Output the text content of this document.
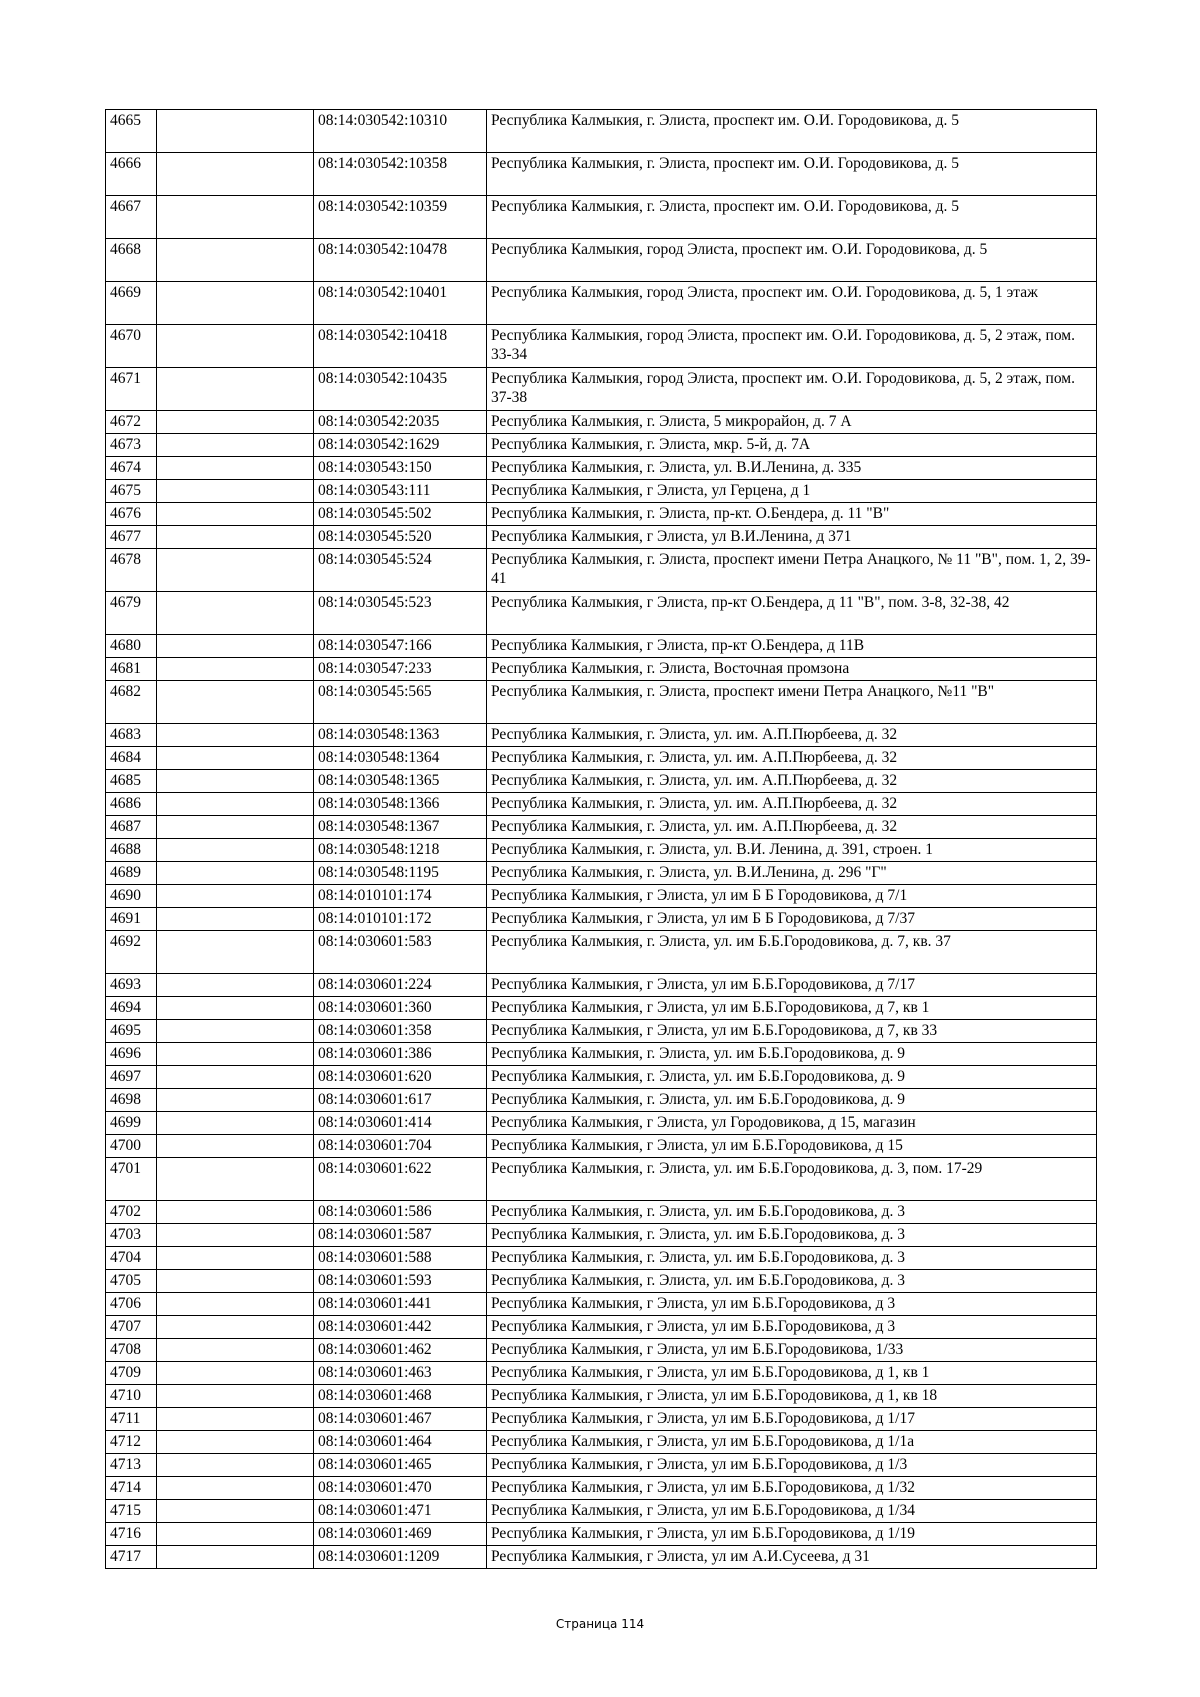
4665		08:14:030542:10310	Республика Калмыкия, г. Элиста, проспект им. О.И. Городовикова, д. 5
4666		08:14:030542:10358	Республика Калмыкия, г. Элиста, проспект им. О.И. Городовикова, д. 5
4667		08:14:030542:10359	Республика Калмыкия, г. Элиста, проспект им. О.И. Городовикова, д. 5
4668		08:14:030542:10478	Республика Калмыкия, город Элиста, проспект им. О.И. Городовикова, д. 5
4669		08:14:030542:10401	Республика Калмыкия, город Элиста, проспект им. О.И. Городовикова, д. 5, 1 этаж
4670		08:14:030542:10418	Республика Калмыкия, город Элиста, проспект им. О.И. Городовикова, д. 5, 2 этаж, пом. 33-34
4671		08:14:030542:10435	Республика Калмыкия, город Элиста, проспект им. О.И. Городовикова, д. 5, 2 этаж, пом. 37-38
4672		08:14:030542:2035	Республика Калмыкия, г. Элиста, 5 микрорайон, д. 7 А
4673		08:14:030542:1629	Республика Калмыкия, г. Элиста, мкр. 5-й, д. 7А
4674		08:14:030543:150	Республика Калмыкия, г. Элиста, ул. В.И.Ленина, д. 335
4675		08:14:030543:111	Республика Калмыкия, г Элиста, ул Герцена, д 1
4676		08:14:030545:502	Республика Калмыкия, г. Элиста, пр-кт. О.Бендера, д. 11 "В"
4677		08:14:030545:520	Республика Калмыкия, г Элиста, ул В.И.Ленина, д 371
4678		08:14:030545:524	Республика Калмыкия, г. Элиста, проспект имени Петра Анацкого, № 11 "В", пом. 1, 2, 39-41
4679		08:14:030545:523	Республика Калмыкия, г Элиста, пр-кт О.Бендера, д 11 "В", пом. 3-8, 32-38, 42
4680		08:14:030547:166	Республика Калмыкия, г Элиста, пр-кт О.Бендера, д 11В
4681		08:14:030547:233	Республика Калмыкия, г. Элиста, Восточная промзона
4682		08:14:030545:565	Республика Калмыкия, г. Элиста, проспект имени Петра Анацкого, №11 "В"
4683		08:14:030548:1363	Республика Калмыкия, г. Элиста, ул. им. А.П.Пюрбеева, д. 32
4684		08:14:030548:1364	Республика Калмыкия, г. Элиста, ул. им. А.П.Пюрбеева, д. 32
4685		08:14:030548:1365	Республика Калмыкия, г. Элиста, ул. им. А.П.Пюрбеева, д. 32
4686		08:14:030548:1366	Республика Калмыкия, г. Элиста, ул. им. А.П.Пюрбеева, д. 32
4687		08:14:030548:1367	Республика Калмыкия, г. Элиста, ул. им. А.П.Пюрбеева, д. 32
4688		08:14:030548:1218	Республика Калмыкия, г. Элиста, ул. В.И. Ленина, д. 391, строен. 1
4689		08:14:030548:1195	Республика Калмыкия, г. Элиста, ул. В.И.Ленина, д. 296 "Г"
4690		08:14:010101:174	Республика Калмыкия, г Элиста, ул им Б Б Городовикова, д 7/1
4691		08:14:010101:172	Республика Калмыкия, г Элиста, ул им Б Б Городовикова, д 7/37
4692		08:14:030601:583	Республика Калмыкия, г. Элиста, ул. им Б.Б.Городовикова, д. 7, кв. 37
4693		08:14:030601:224	Республика Калмыкия, г Элиста, ул им Б.Б.Городовикова, д 7/17
4694		08:14:030601:360	Республика Калмыкия, г Элиста, ул им Б.Б.Городовикова, д 7, кв 1
4695		08:14:030601:358	Республика Калмыкия, г Элиста, ул им Б.Б.Городовикова, д 7, кв 33
4696		08:14:030601:386	Республика Калмыкия, г. Элиста, ул. им Б.Б.Городовикова, д. 9
4697		08:14:030601:620	Республика Калмыкия, г. Элиста, ул. им Б.Б.Городовикова, д. 9
4698		08:14:030601:617	Республика Калмыкия, г. Элиста, ул. им Б.Б.Городовикова, д. 9
4699		08:14:030601:414	Республика Калмыкия, г Элиста, ул Городовикова, д 15, магазин
4700		08:14:030601:704	Республика Калмыкия, г Элиста, ул им Б.Б.Городовикова, д 15
4701		08:14:030601:622	Республика Калмыкия, г. Элиста, ул. им Б.Б.Городовикова, д. 3, пом. 17-29
4702		08:14:030601:586	Республика Калмыкия, г. Элиста, ул. им Б.Б.Городовикова, д. 3
4703		08:14:030601:587	Республика Калмыкия, г. Элиста, ул. им Б.Б.Городовикова, д. 3
4704		08:14:030601:588	Республика Калмыкия, г. Элиста, ул. им Б.Б.Городовикова, д. 3
4705		08:14:030601:593	Республика Калмыкия, г. Элиста, ул. им Б.Б.Городовикова, д. 3
4706		08:14:030601:441	Республика Калмыкия, г Элиста, ул им Б.Б.Городовикова, д 3
4707		08:14:030601:442	Республика Калмыкия, г Элиста, ул им Б.Б.Городовикова, д 3
4708		08:14:030601:462	Республика Калмыкия, г Элиста, ул им Б.Б.Городовикова, 1/33
4709		08:14:030601:463	Республика Калмыкия, г Элиста, ул им Б.Б.Городовикова, д 1, кв 1
4710		08:14:030601:468	Республика Калмыкия, г Элиста, ул им Б.Б.Городовикова, д 1, кв 18
4711		08:14:030601:467	Республика Калмыкия, г Элиста, ул им Б.Б.Городовикова, д 1/17
4712		08:14:030601:464	Республика Калмыкия, г Элиста, ул им Б.Б.Городовикова, д 1/1а
4713		08:14:030601:465	Республика Калмыкия, г Элиста, ул им Б.Б.Городовикова, д 1/3
4714		08:14:030601:470	Республика Калмыкия, г Элиста, ул им Б.Б.Городовикова, д 1/32
4715		08:14:030601:471	Республика Калмыкия, г Элиста, ул им Б.Б.Городовикова, д 1/34
4716		08:14:030601:469	Республика Калмыкия, г Элиста, ул им Б.Б.Городовикова, д 1/19
4717		08:14:030601:1209	Республика Калмыкия, г Элиста, ул им А.И.Сусеева, д 31
Страница 114
